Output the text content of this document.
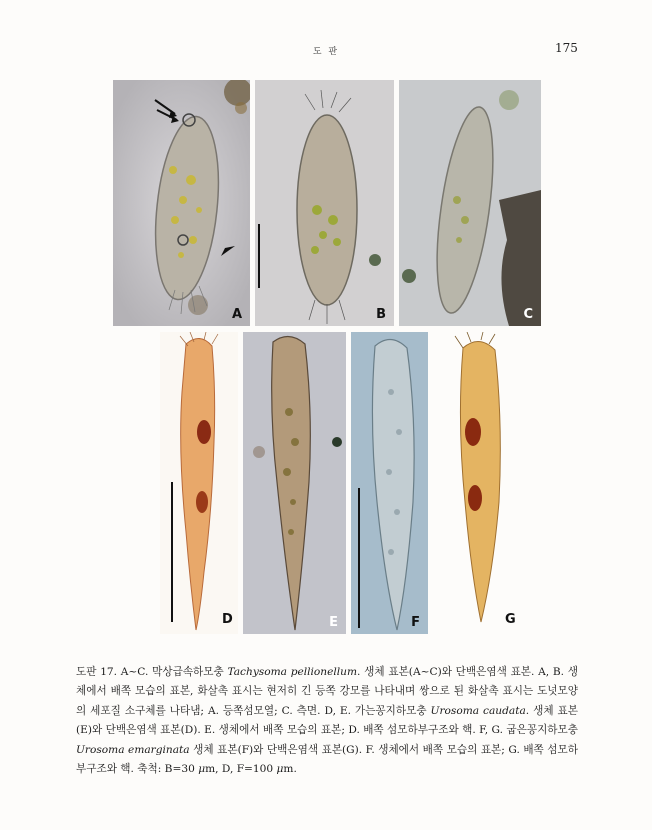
도 판	175
A	B	C
D	E	F	G

도판 17. A~C. 막상급속하모충 Tachysoma pellionellum. 생체 표본(A~C)와 단백은염색 표본. A, B. 생체에서 배쪽 모습의 표본, 화살촉 표시는 현저히 긴 등쪽 강모를 나타내며 쌍으로 된 화살촉 표시는 도넛모양의 세포질 소구체를 나타냄; A. 등쪽섬모열; C. 측면. D, E. 가는꽁지하모충 Urosoma caudata. 생체 표본(E)와 단백은염색 표본(D). E. 생체에서 배쪽 모습의 표본; D. 배쪽 섬모하부구조와 핵. F, G. 굽은꽁지하모충 Urosoma emarginata 생체 표본(F)와 단백은염색 표본(G). F. 생체에서 배쪽 모습의 표본; G. 배쪽 섬모하부구조와 핵. 축척: B=30 μm, D, F=100 μm.
